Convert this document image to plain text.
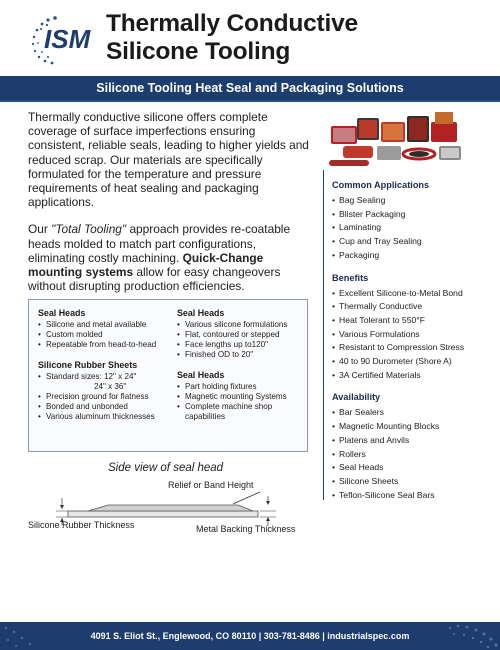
ISM
Thermally Conductive
Silicone Tooling
Silicone Tooling Heat Seal and Packaging Solutions

Thermally conductive silicone offers complete coverage of surface imperfections ensuring consistent, reliable seals, leading to higher yields and reduced scrap. Our materials are specifically formulated for the temperature and pressure requirements of heat sealing and packaging applications.

Our "Total Tooling" approach provides re-coatable heads molded to match part configurations, eliminating costly machining. Quick-Change mounting systems allow for easy changeovers without disrupting production efficiencies.

Common Applications
• Bag Sealing
• Blister Packaging
• Laminating
• Cup and Tray Sealing
• Packaging
Benefits
• Excellent Silicone-to-Metal Bond
• Thermally Conductive
• Heat Tolerant to 550°F
• Various Formulations
• Resistant to Compression Stress
• 40 to 90 Durometer (Shore A)
• 3A Certified Materials
Availability
• Bar Sealers
• Magnetic Mounting Blocks
• Platens and Anvils
• Rollers
• Seal Heads
• Silicone Sheets
• Teflon-Silicone Seal Bars
Seal Heads
• Silicone and metal available
• Custom molded
• Repeatable from head-to-head
Silicone Rubber Sheets
• Standard sizes: 12" x 24"
24" x 36"
• Precision ground for flatness
• Bonded and unbonded
• Various aluminum thicknesses
Seal Heads
• Various silicone formulations
• Flat, contoured or stepped
• Face lengths up to120"
• Finished OD to 20"
Seal Heads
• Part holding fixtures
• Magnetic mounting Systems
• Complete machine shop
capabilities
Side view of seal head
Relief or Band Height
Silicone Rubber Thickness	Metal Backing Thickness
4091 S. Eliot St., Englewood, CO 80110 | 303-781-8486 | industrialspec.com
